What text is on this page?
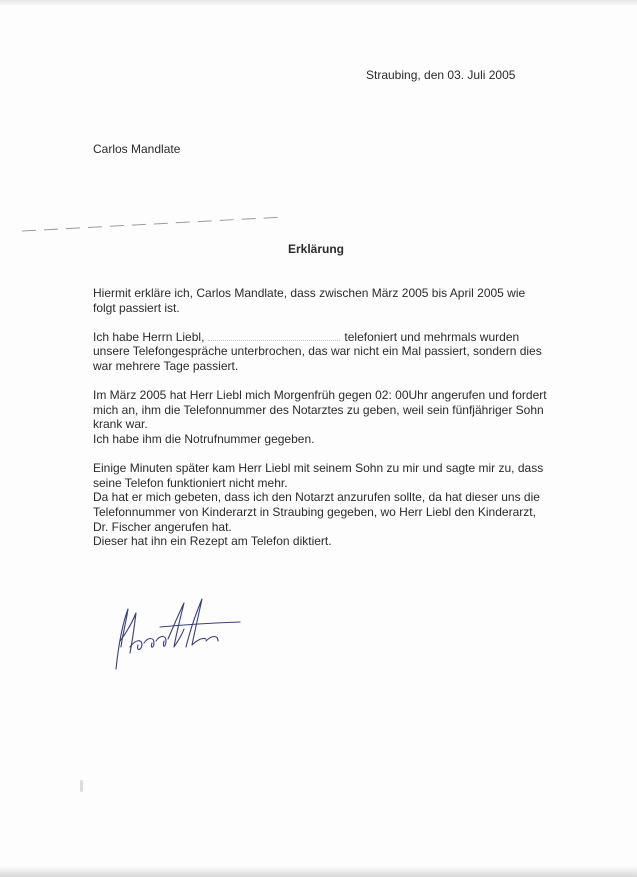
Straubing, den 03. Juli 2005
Carlos Mandlate
Erklärung
Hiermit erkläre ich, Carlos Mandlate, dass zwischen März 2005 bis April 2005 wie
folgt passiert ist.
Ich habe Herrn Liebl,	telefoniert und mehrmals wurden
unsere Telefongespräche unterbrochen, das war nicht ein Mal passiert, sondern dies
war mehrere Tage passiert.
Im März 2005 hat Herr Liebl mich Morgenfrüh gegen 02: 00Uhr angerufen und fordert
mich an, ihm die Telefonnummer des Notarztes zu geben, weil sein fünfjähriger Sohn
krank war.
Ich habe ihm die Notrufnummer gegeben.
Einige Minuten später kam Herr Liebl mit seinem Sohn zu mir und sagte mir zu, dass
seine Telefon funktioniert nicht mehr.
Da hat er mich gebeten, dass ich den Notarzt anzurufen sollte, da hat dieser uns die
Telefonnummer von Kinderarzt in Straubing gegeben, wo Herr Liebl den Kinderarzt,
Dr. Fischer angerufen hat.
Dieser hat ihn ein Rezept am Telefon diktiert.
